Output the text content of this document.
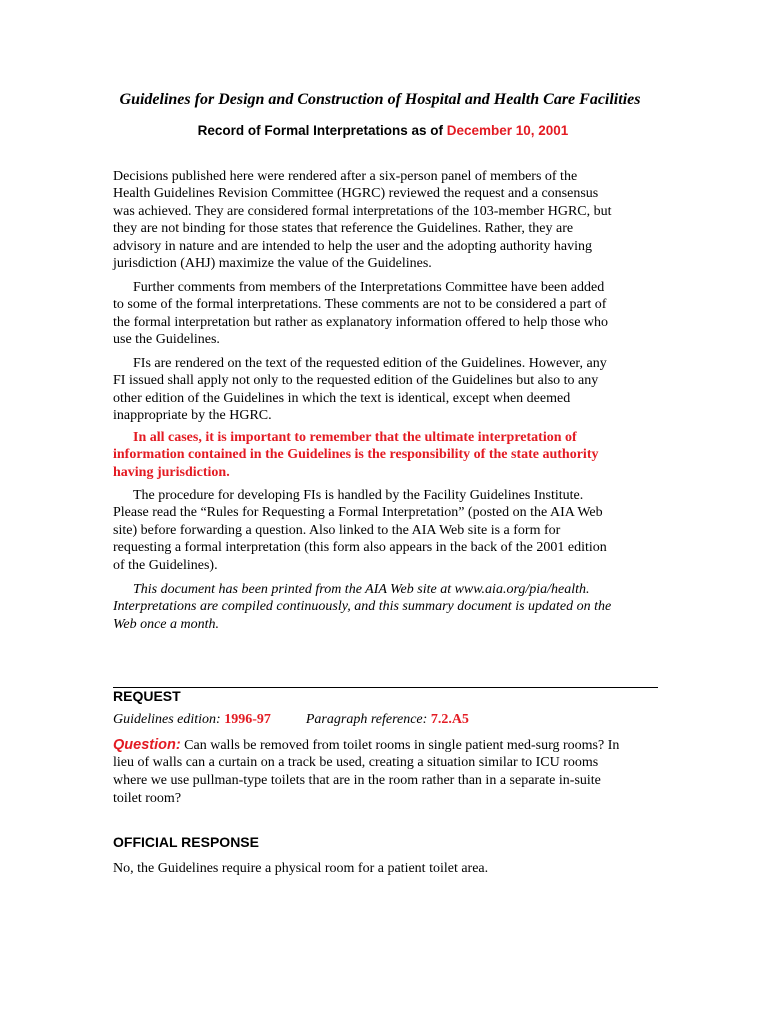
Guidelines for Design and Construction of Hospital and Health Care Facilities
Record of Formal Interpretations as of December 10, 2001
Decisions published here were rendered after a six-person panel of members of the
Health Guidelines Revision Committee (HGRC) reviewed the request and a consensus
was achieved. They are considered formal interpretations of the 103-member HGRC, but
they are not binding for those states that reference the Guidelines. Rather, they are
advisory in nature and are intended to help the user and the adopting authority having
jurisdiction (AHJ) maximize the value of the Guidelines.
Further comments from members of the Interpretations Committee have been added
to some of the formal interpretations. These comments are not to be considered a part of
the formal interpretation but rather as explanatory information offered to help those who
use the Guidelines.
FIs are rendered on the text of the requested edition of the Guidelines. However, any
FI issued shall apply not only to the requested edition of the Guidelines but also to any
other edition of the Guidelines in which the text is identical, except when deemed
inappropriate by the HGRC.
In all cases, it is important to remember that the ultimate interpretation of
information contained in the Guidelines is the responsibility of the state authority
having jurisdiction.
The procedure for developing FIs is handled by the Facility Guidelines Institute.
Please read the “Rules for Requesting a Formal Interpretation” (posted on the AIA Web
site) before forwarding a question. Also linked to the AIA Web site is a form for
requesting a formal interpretation (this form also appears in the back of the 2001 edition
of the Guidelines).
This document has been printed from the AIA Web site at www.aia.org/pia/health.
Interpretations are compiled continuously, and this summary document is updated on the
Web once a month.
REQUEST
Guidelines edition: 1996-97	Paragraph reference: 7.2.A5
Question: Can walls be removed from toilet rooms in single patient med-surg rooms? In
lieu of walls can a curtain on a track be used, creating a situation similar to ICU rooms
where we use pullman-type toilets that are in the room rather than in a separate in-suite
toilet room?
OFFICIAL RESPONSE
No, the Guidelines require a physical room for a patient toilet area.
